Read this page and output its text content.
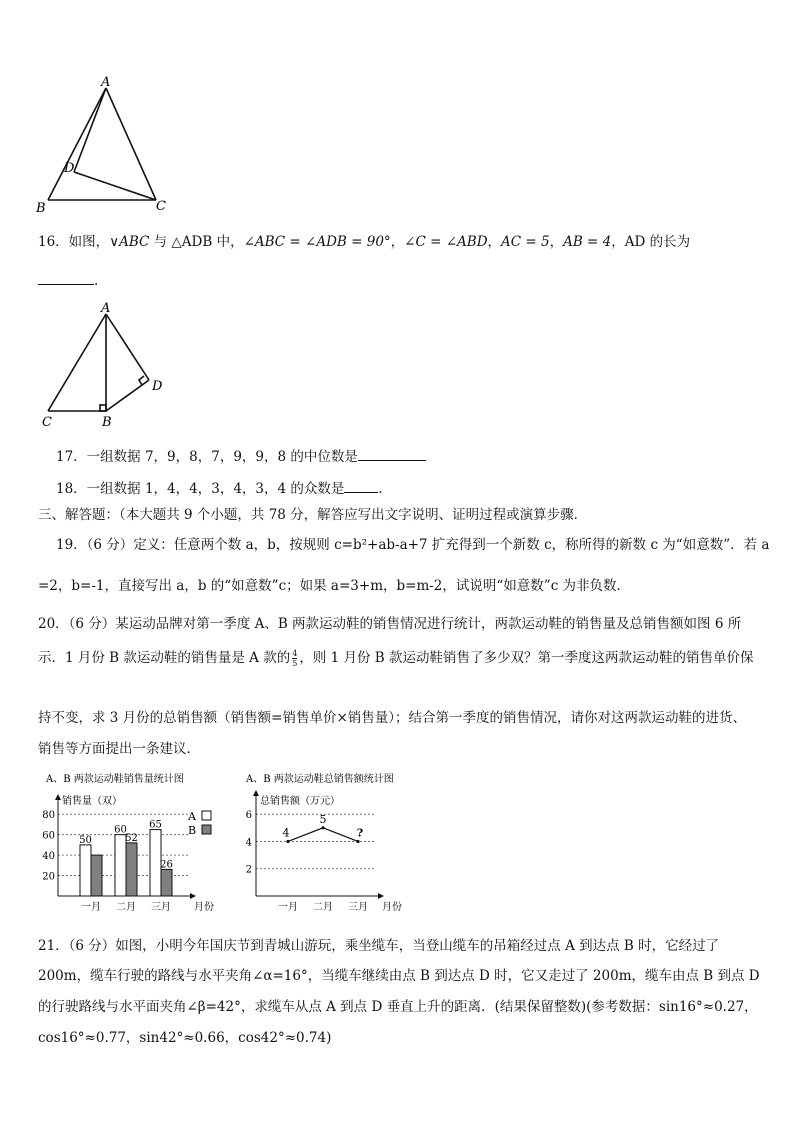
A
B	C
D
16．如图，∨ABC 与 △ADB 中，∠ABC = ∠ADB = 90°，∠C = ∠ABD，AC = 5，AB = 4，AD 的长为
.
A
C	B
D
17．一组数据 7，9，8，7，9，9，8 的中位数是
18．一组数据 1，4，4，3，4，3，4 的众数是	.
三、解答题：（本大题共 9 个小题，共 78 分，解答应写出文字说明、证明过程或演算步骤．
19．（6 分）定义：任意两个数 a，b，按规则 c=b²+ab-a+7 扩充得到一个新数 c，称所得的新数 c 为“如意数”．若 a
=2，b=-1，直接写出 a，b 的“如意数”c；如果 a=3+m，b=m-2，试说明“如意数”c 为非负数．
20．（6 分）某运动品牌对第一季度 A、B 两款运动鞋的销售情况进行统计，两款运动鞋的销售量及总销售额如图 6 所
示．1 月份 B 款运动鞋的销售量是 A 款的 $\frac{4}{5}$ ，则 1 月份 B 款运动鞋销售了多少双？第一季度这两款运动鞋的销售单价保
持不变，求 3 月份的总销售额（销售额=销售单价×销售量）；结合第一季度的销售情况，请你对这两款运动鞋的进货、
销售等方面提出一条建议．
A、B 两款运动鞋销售量统计图
销售量（双）
20
40
60
80
月份
一月
50
二月
60
52
三月
65
26
A
B
A、B 两款运动鞋总销售额统计图
总销售额（万元）
2
4
6
月份
一月 二月 三月
4
5
?
21．（6 分）如图，小明今年国庆节到青城山游玩，乘坐缆车，当登山缆车的吊箱经过点 A 到达点 B 时，它经过了
200m，缆车行驶的路线与水平夹角∠α=16°，当缆车继续由点 B 到达点 D 时，它又走过了 200m，缆车由点 B 到点 D
的行驶路线与水平面夹角∠β=42°，求缆车从点 A 到点 D 垂直上升的距离．(结果保留整数)(参考数据：sin16°≈0.27，
cos16°≈0.77，sin42°≈0.66，cos42°≈0.74)
